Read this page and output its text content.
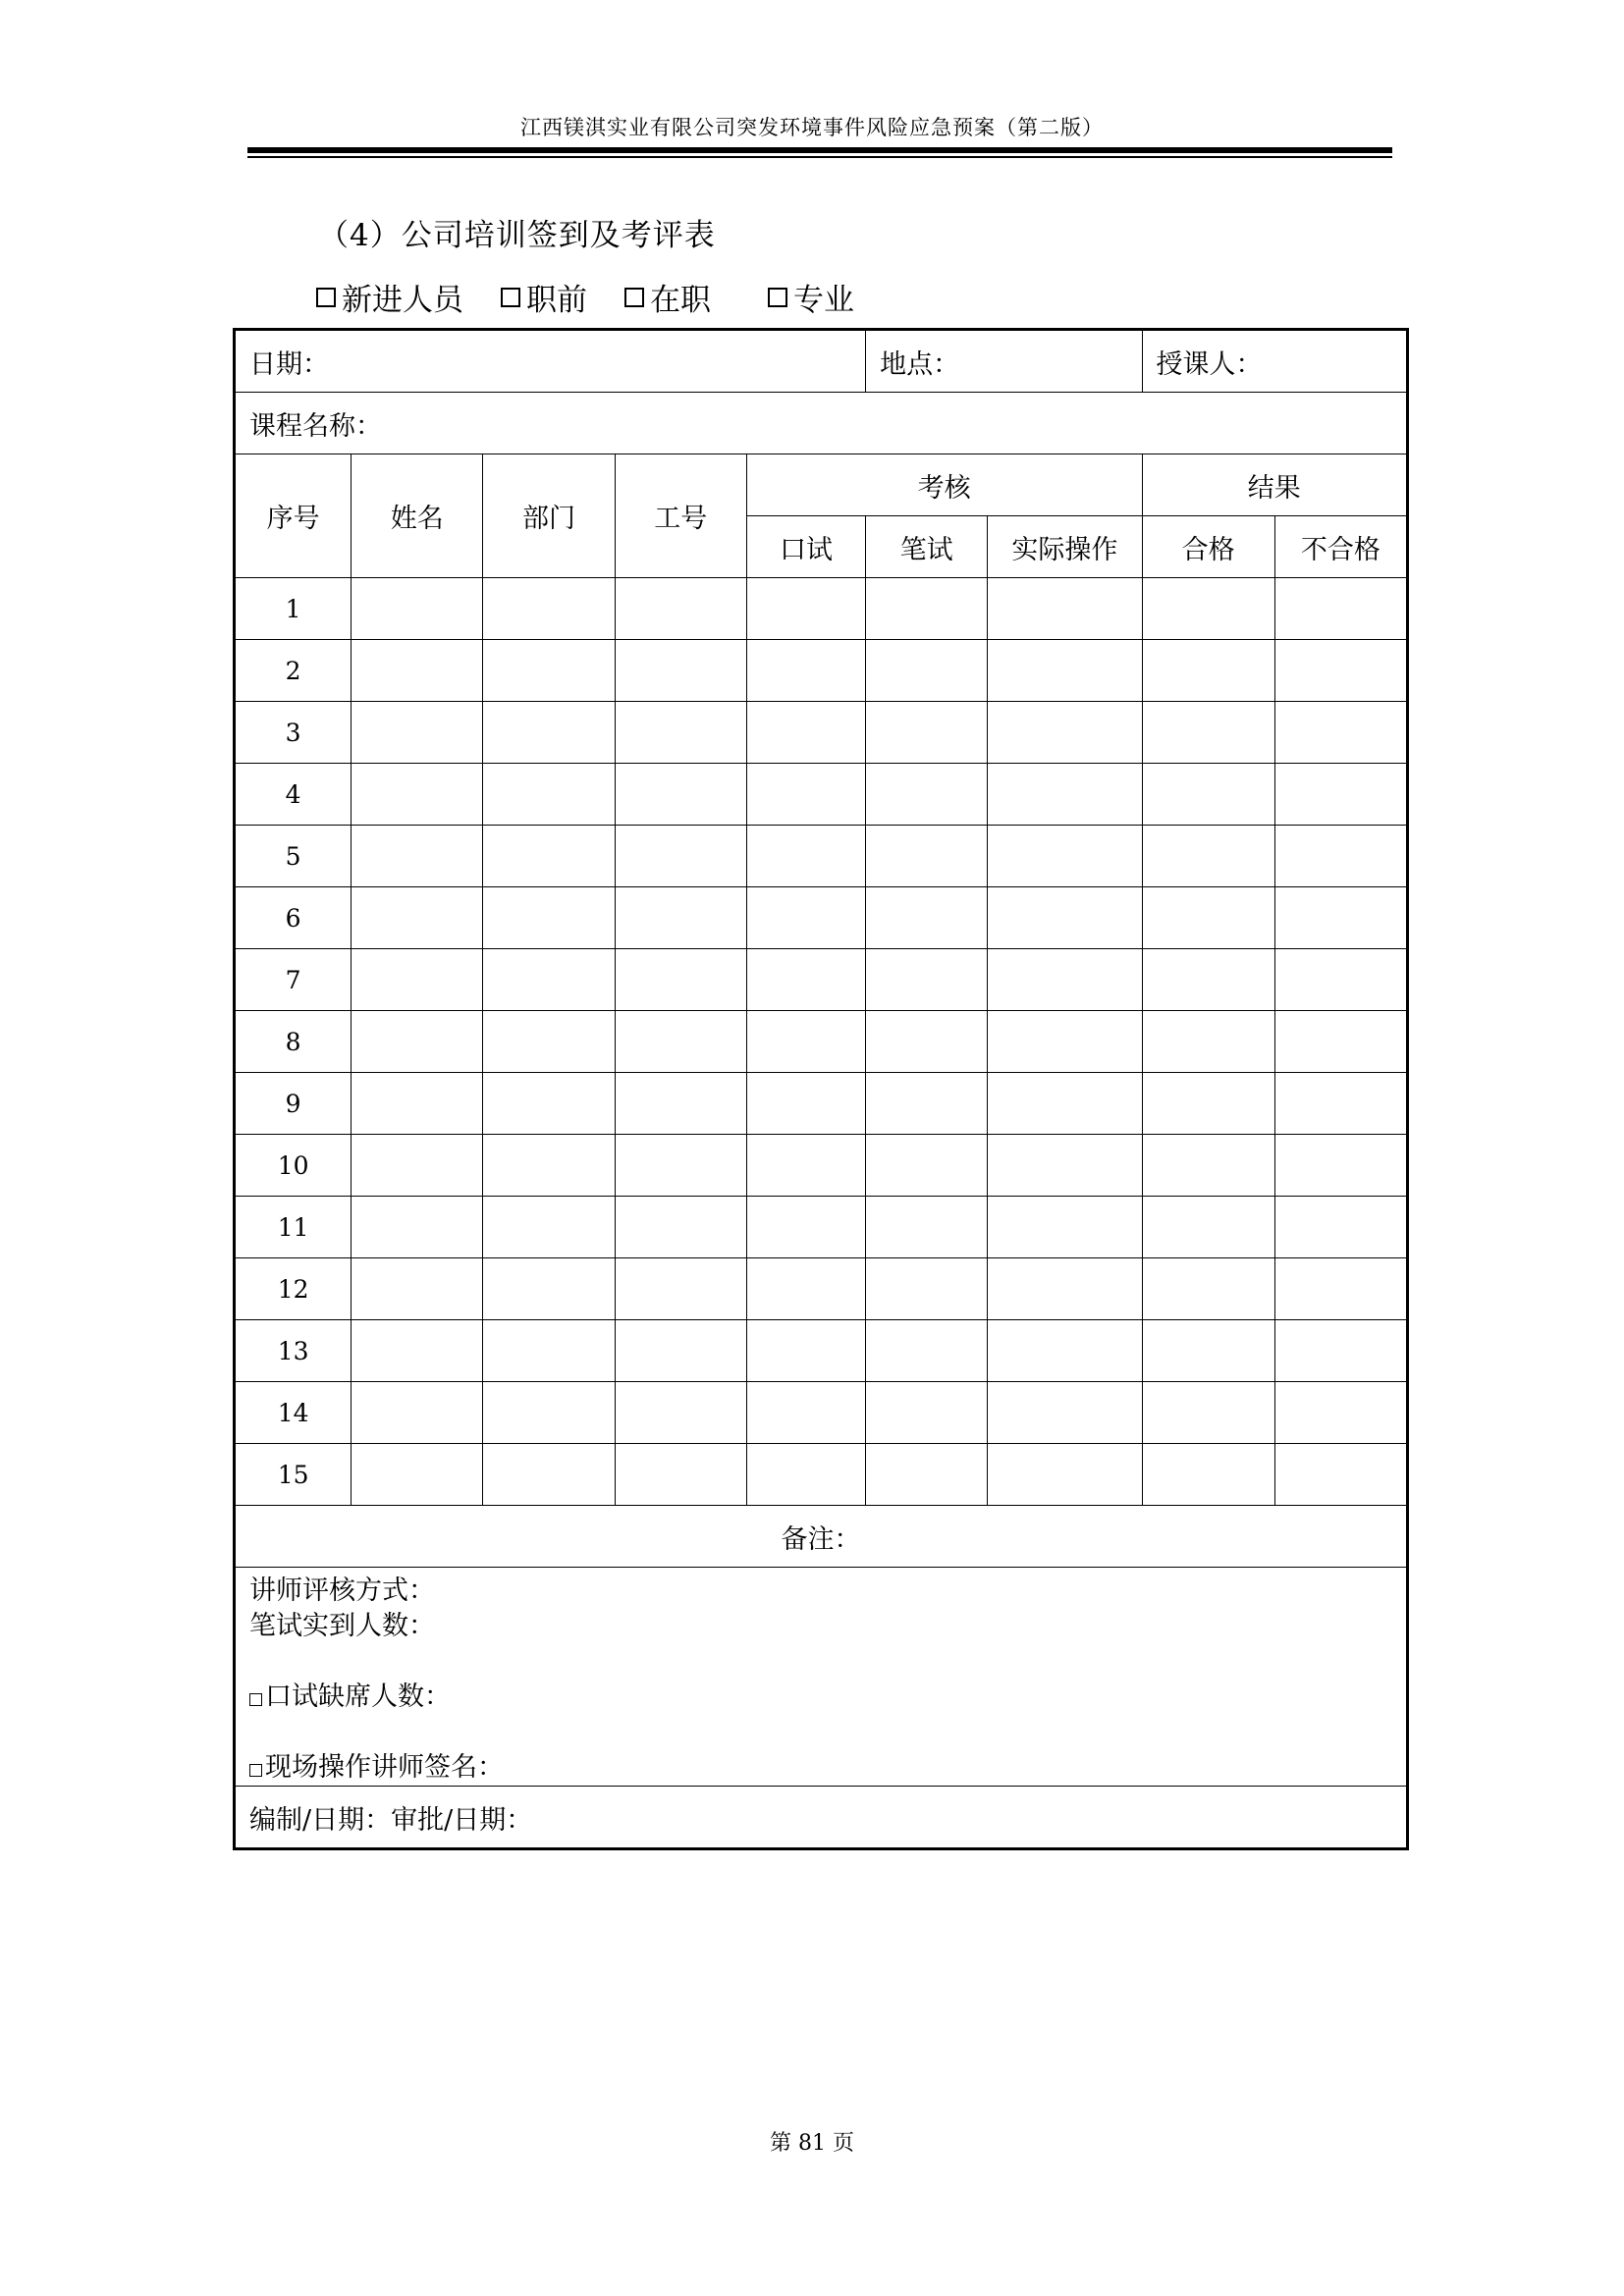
江西镁淇实业有限公司突发环境事件风险应急预案（第二版）
（4）公司培训签到及考评表
新进人员 职前 在职	专业
日期：					地点：		授课人：	
课程名称：								
序号	姓名	部门	工号	考核			结果	
				口试	笔试	实际操作	合格	不合格
1								
2								
3								
4								
5								
6								
7								
8								
9								
10								
11								
12								
13								
14								
15								
备注：								

讲师评核方式：
笔试实到人数：
口试缺席人数：
现场操作讲师签名：								

编制/日期：审批/日期：								
第 81 页
